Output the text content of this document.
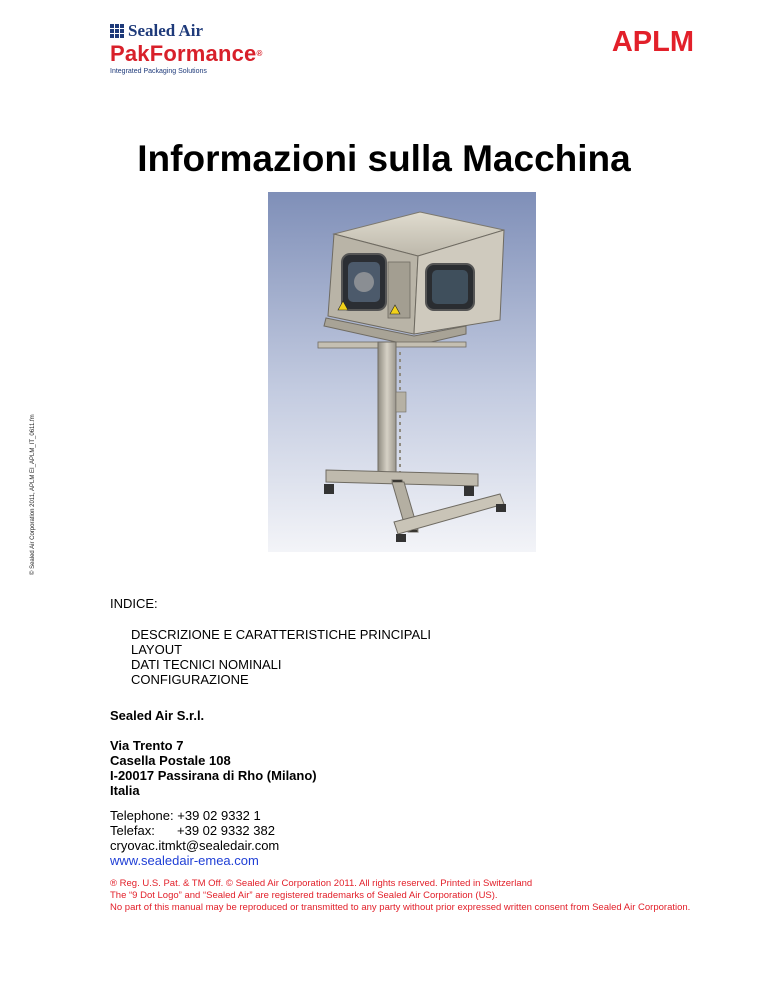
Sealed Air
PakFormance®
Integrated Packaging Solutions
APLM
© Sealed Air Corporation 2011, APLM EI_APLM_IT_0611.fm
Informazioni sulla Macchina
INDICE:
DESCRIZIONE E CARATTERISTICHE PRINCIPALI
LAYOUT
DATI TECNICI NOMINALI
CONFIGURAZIONE
Sealed Air S.r.l.
Via Trento 7
Casella Postale 108
I-20017 Passirana di Rho (Milano)
Italia
Telephone: +39 02 9332 1
Telefax: +39 02 9332 382
cryovac.itmkt@sealedair.com
www.sealedair-emea.com
® Reg. U.S. Pat. & TM Off. © Sealed Air Corporation 2011. All rights reserved. Printed in Switzerland
The “9 Dot Logo” and “Sealed Air” are registered trademarks of Sealed Air Corporation (US).
No part of this manual may be reproduced or transmitted to any party without prior expressed written consent from Sealed Air Corporation.
